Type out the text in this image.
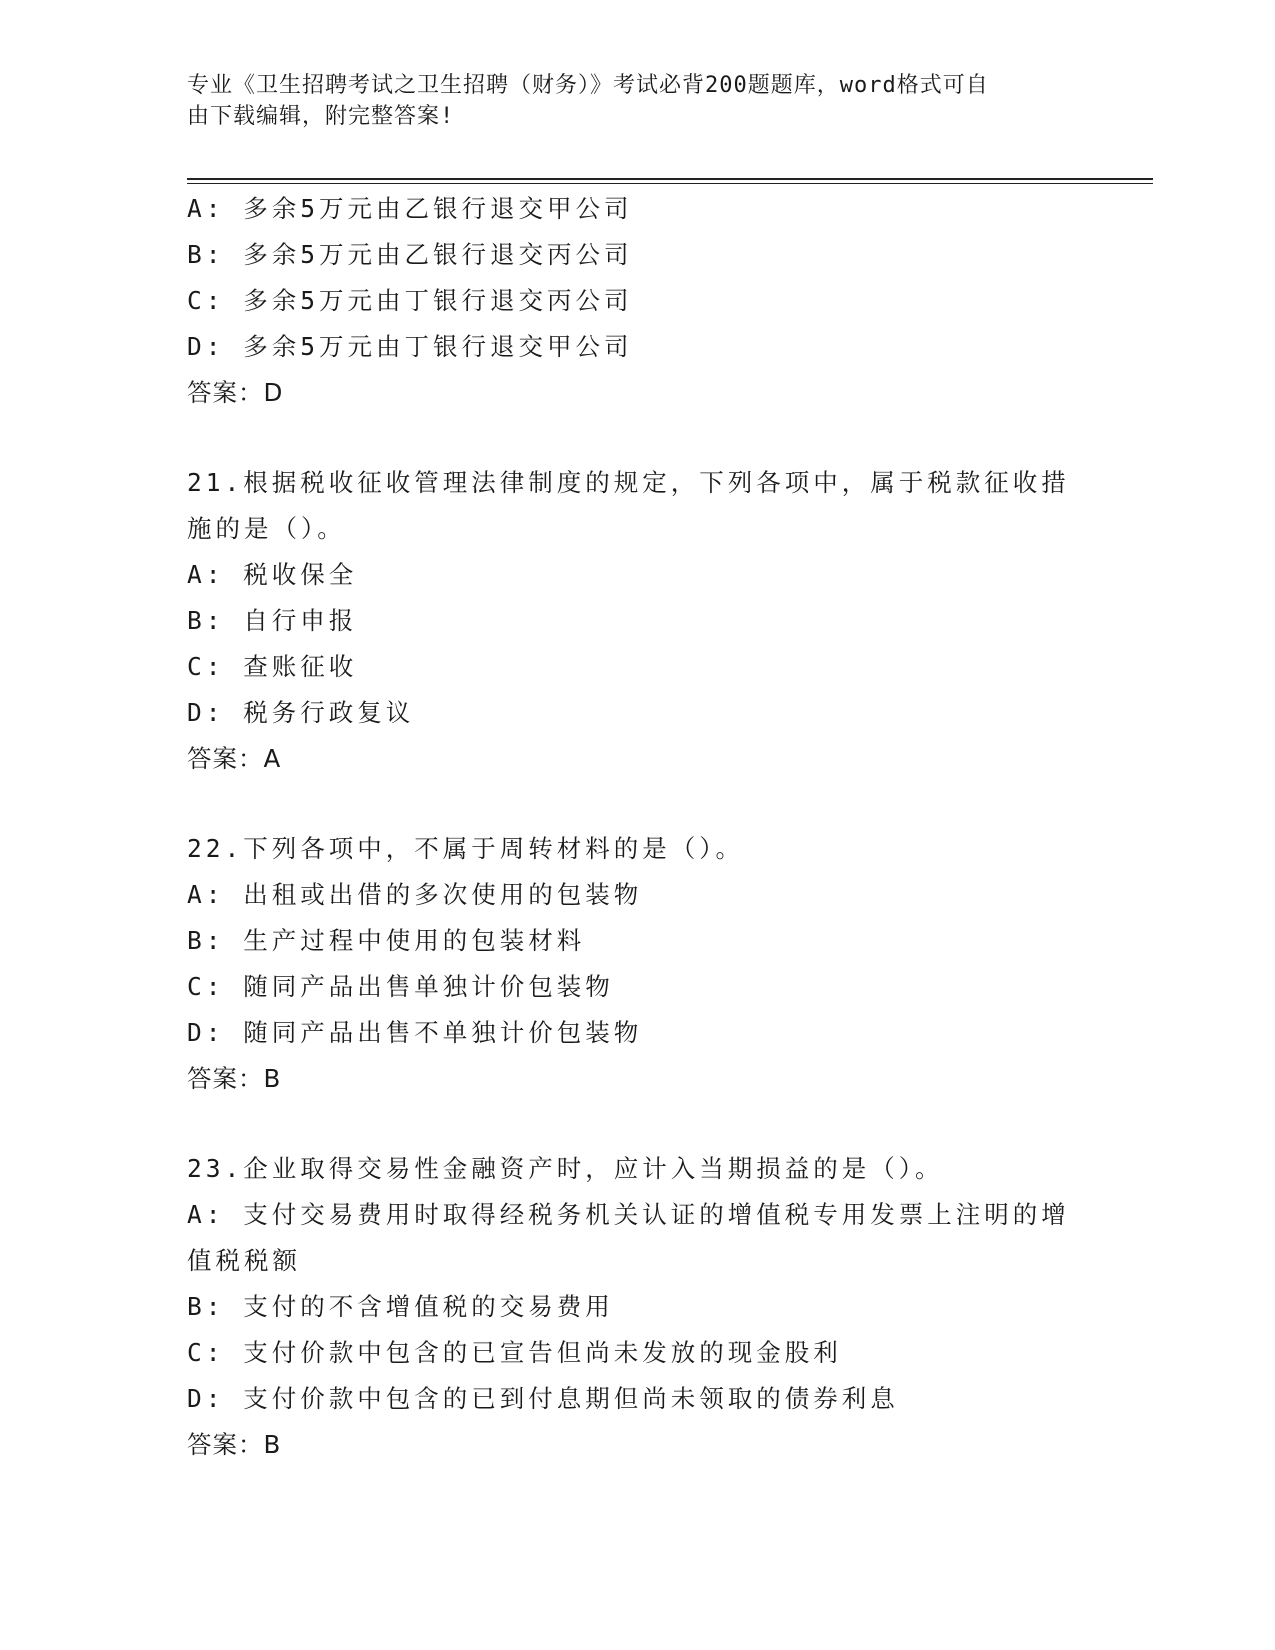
专业《卫生招聘考试之卫生招聘（财务）》考试必背200题题库，word格式可自
由下载编辑，附完整答案!
A: 多余5万元由乙银行退交甲公司
B: 多余5万元由乙银行退交丙公司
C: 多余5万元由丁银行退交丙公司
D: 多余5万元由丁银行退交甲公司
答案：D
21.根据税收征收管理法律制度的规定，下列各项中，属于税款征收措
施的是（）。
A: 税收保全
B: 自行申报
C: 查账征收
D: 税务行政复议
答案：A
22.下列各项中，不属于周转材料的是（）。
A: 出租或出借的多次使用的包装物
B: 生产过程中使用的包装材料
C: 随同产品出售单独计价包装物
D: 随同产品出售不单独计价包装物
答案：B
23.企业取得交易性金融资产时，应计入当期损益的是（）。
A: 支付交易费用时取得经税务机关认证的增值税专用发票上注明的增
值税税额
B: 支付的不含增值税的交易费用
C: 支付价款中包含的已宣告但尚未发放的现金股利
D: 支付价款中包含的已到付息期但尚未领取的债券利息
答案：B
